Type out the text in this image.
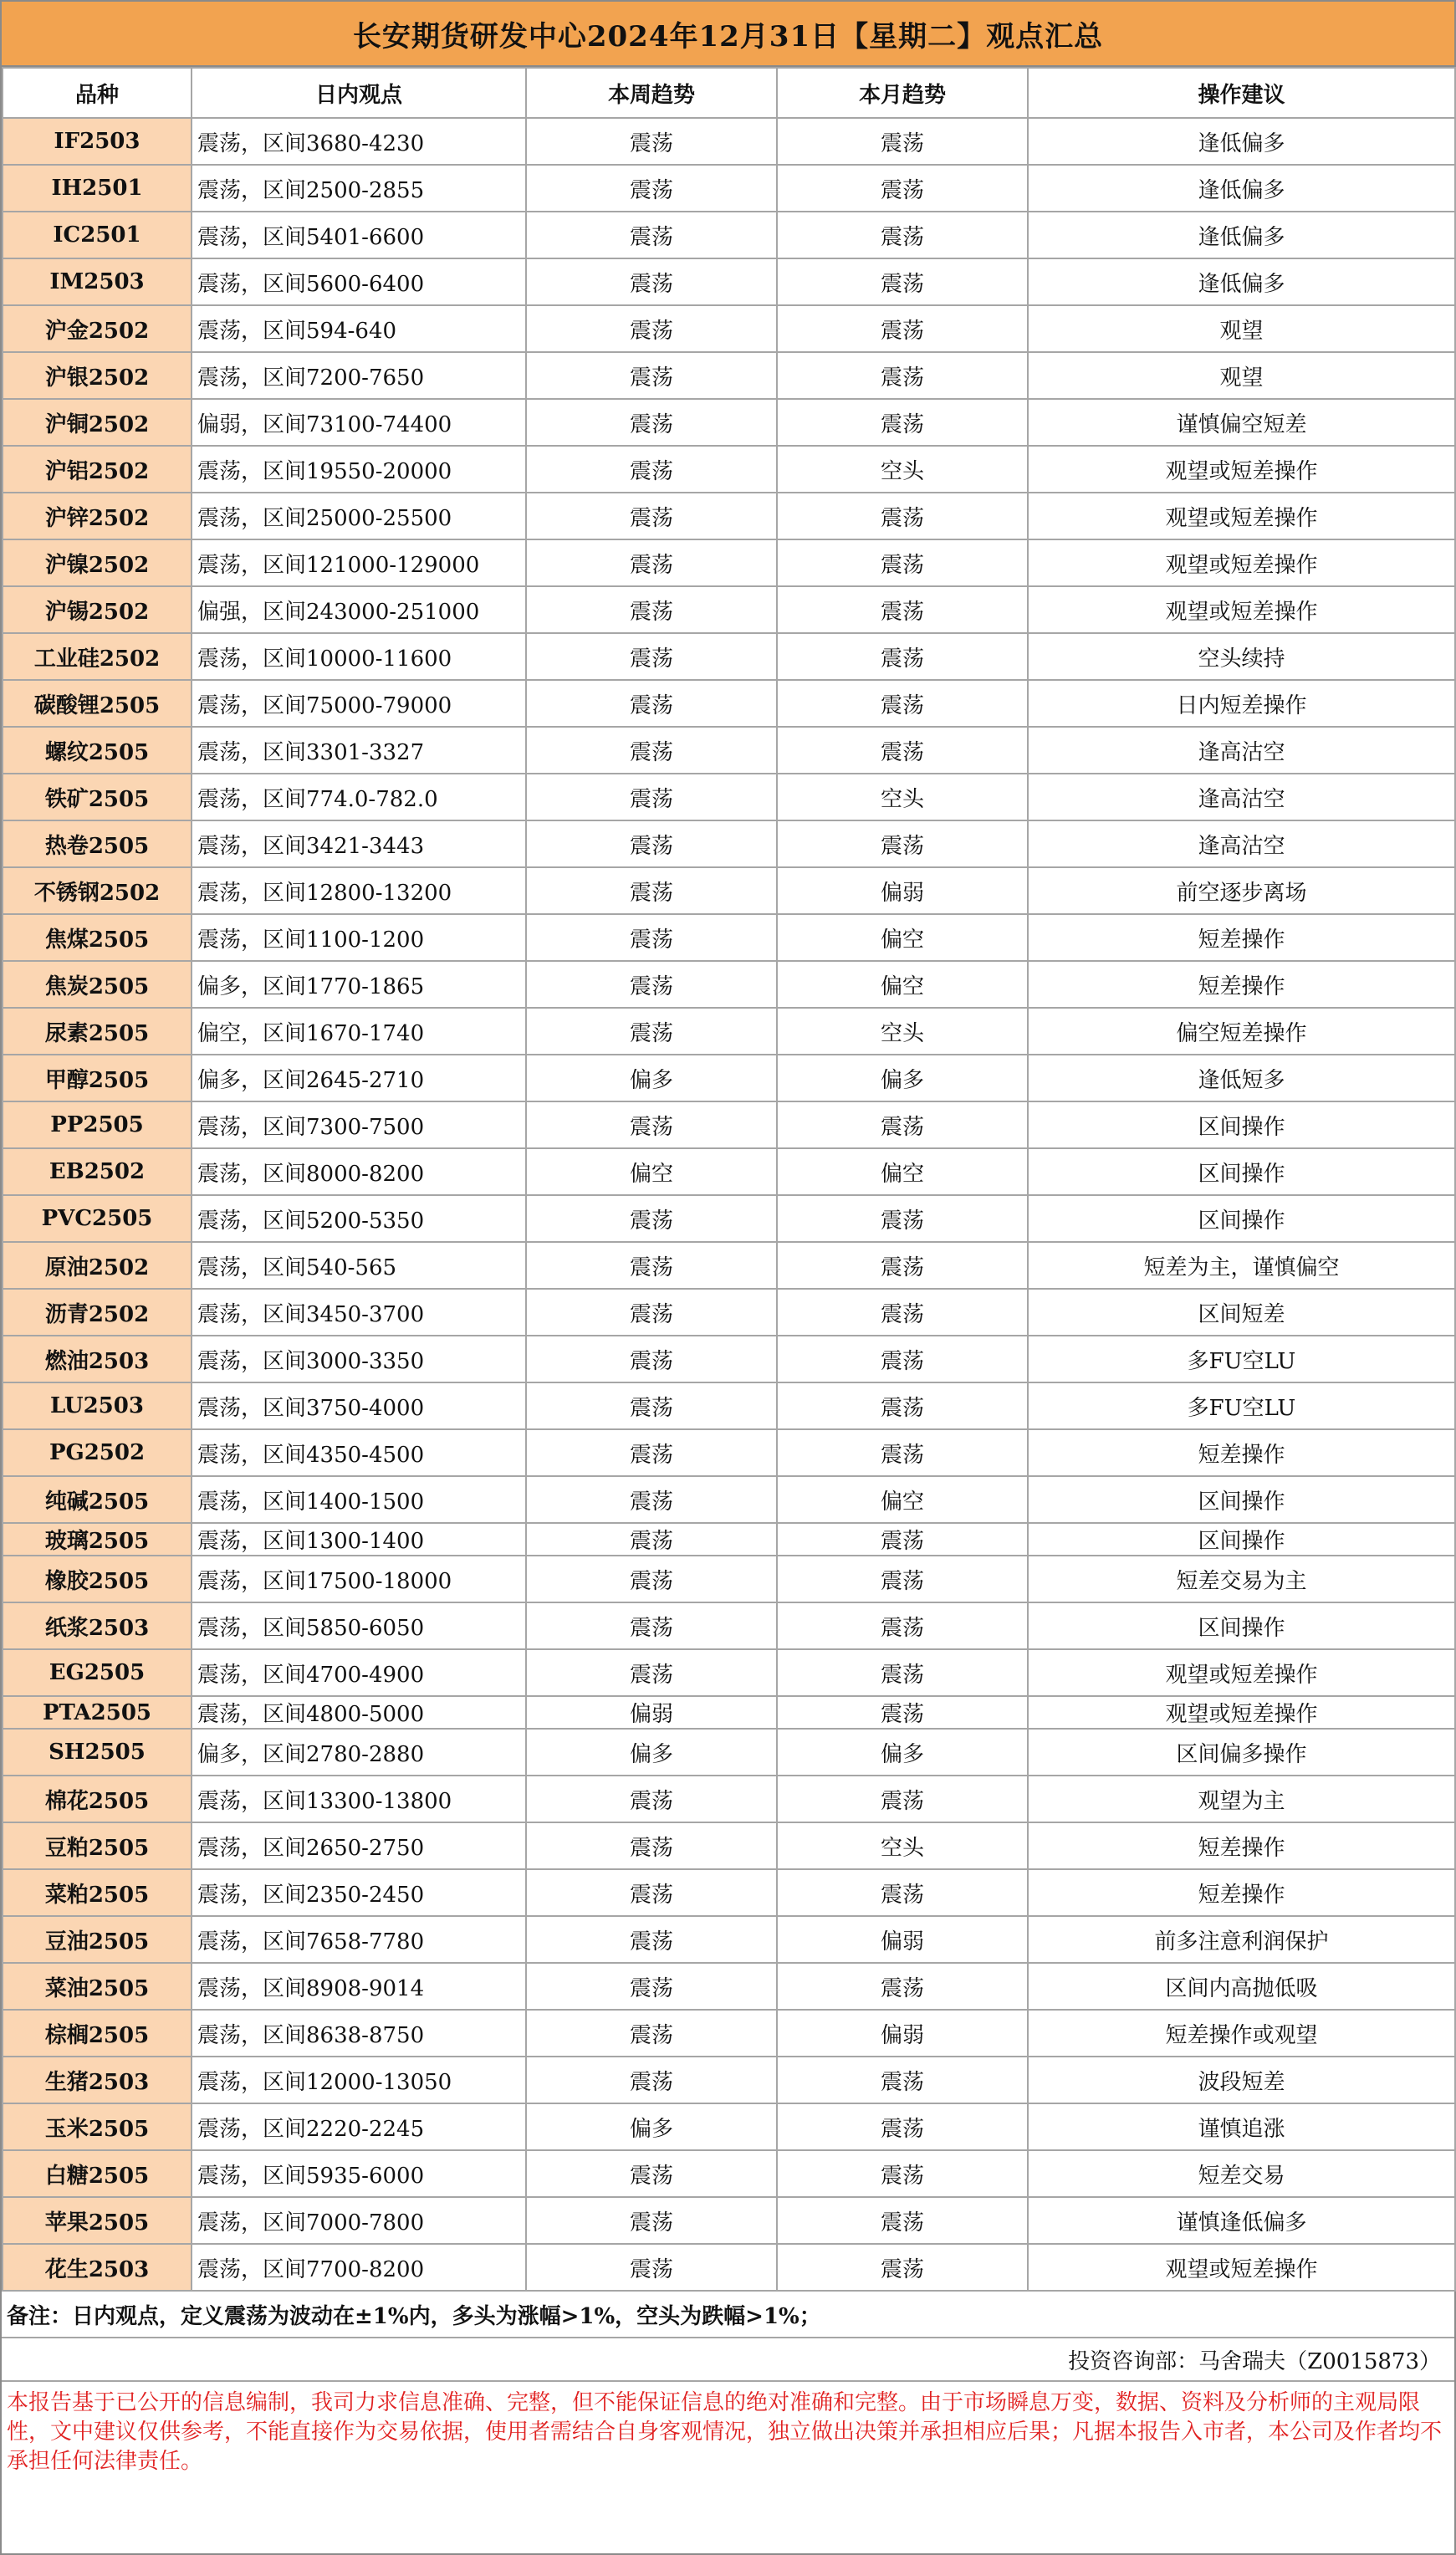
长安期货研发中心2024年12月31日【星期二】观点汇总
品种	日内观点	本周趋势	本月趋势	操作建议
IF2503	震荡，区间3680-4230	震荡	震荡	逢低偏多
IH2501	震荡，区间2500-2855	震荡	震荡	逢低偏多
IC2501	震荡，区间5401-6600	震荡	震荡	逢低偏多
IM2503	震荡，区间5600-6400	震荡	震荡	逢低偏多
沪金2502	震荡，区间594-640	震荡	震荡	观望
沪银2502	震荡，区间7200-7650	震荡	震荡	观望
沪铜2502	偏弱，区间73100-74400	震荡	震荡	谨慎偏空短差
沪铝2502	震荡，区间19550-20000	震荡	空头	观望或短差操作
沪锌2502	震荡，区间25000-25500	震荡	震荡	观望或短差操作
沪镍2502	震荡，区间121000-129000	震荡	震荡	观望或短差操作
沪锡2502	偏强，区间243000-251000	震荡	震荡	观望或短差操作
工业硅2502	震荡，区间10000-11600	震荡	震荡	空头续持
碳酸锂2505	震荡，区间75000-79000	震荡	震荡	日内短差操作
螺纹2505	震荡，区间3301-3327	震荡	震荡	逢高沽空
铁矿2505	震荡，区间774.0-782.0	震荡	空头	逢高沽空
热卷2505	震荡，区间3421-3443	震荡	震荡	逢高沽空
不锈钢2502	震荡，区间12800-13200	震荡	偏弱	前空逐步离场
焦煤2505	震荡，区间1100-1200	震荡	偏空	短差操作
焦炭2505	偏多，区间1770-1865	震荡	偏空	短差操作
尿素2505	偏空，区间1670-1740	震荡	空头	偏空短差操作
甲醇2505	偏多，区间2645-2710	偏多	偏多	逢低短多
PP2505	震荡，区间7300-7500	震荡	震荡	区间操作
EB2502	震荡，区间8000-8200	偏空	偏空	区间操作
PVC2505	震荡，区间5200-5350	震荡	震荡	区间操作
原油2502	震荡，区间540-565	震荡	震荡	短差为主，谨慎偏空
沥青2502	震荡，区间3450-3700	震荡	震荡	区间短差
燃油2503	震荡，区间3000-3350	震荡	震荡	多FU空LU
LU2503	震荡，区间3750-4000	震荡	震荡	多FU空LU
PG2502	震荡，区间4350-4500	震荡	震荡	短差操作
纯碱2505	震荡，区间1400-1500	震荡	偏空	区间操作
玻璃2505	震荡，区间1300-1400	震荡	震荡	区间操作
橡胶2505	震荡，区间17500-18000	震荡	震荡	短差交易为主
纸浆2503	震荡，区间5850-6050	震荡	震荡	区间操作
EG2505	震荡，区间4700-4900	震荡	震荡	观望或短差操作
PTA2505	震荡，区间4800-5000	偏弱	震荡	观望或短差操作
SH2505	偏多，区间2780-2880	偏多	偏多	区间偏多操作
棉花2505	震荡，区间13300-13800	震荡	震荡	观望为主
豆粕2505	震荡，区间2650-2750	震荡	空头	短差操作
菜粕2505	震荡，区间2350-2450	震荡	震荡	短差操作
豆油2505	震荡，区间7658-7780	震荡	偏弱	前多注意利润保护
菜油2505	震荡，区间8908-9014	震荡	震荡	区间内高抛低吸
棕榈2505	震荡，区间8638-8750	震荡	偏弱	短差操作或观望
生猪2503	震荡，区间12000-13050	震荡	震荡	波段短差
玉米2505	震荡，区间2220-2245	偏多	震荡	谨慎追涨
白糖2505	震荡，区间5935-6000	震荡	震荡	短差交易
苹果2505	震荡，区间7000-7800	震荡	震荡	谨慎逢低偏多
花生2503	震荡，区间7700-8200	震荡	震荡	观望或短差操作
备注：日内观点，定义震荡为波动在±1%内，多头为涨幅>1%，空头为跌幅>1%；
投资咨询部：马舍瑞夫（Z0015873）
本报告基于已公开的信息编制，我司力求信息准确、完整，但不能保证信息的绝对准确和完整。由于市场瞬息万变，数据、资料及分析师的主观局限性，文中建议仅供参考，不能直接作为交易依据，使用者需结合自身客观情况，独立做出决策并承担相应后果；凡据本报告入市者，本公司及作者均不承担任何法律责任。
